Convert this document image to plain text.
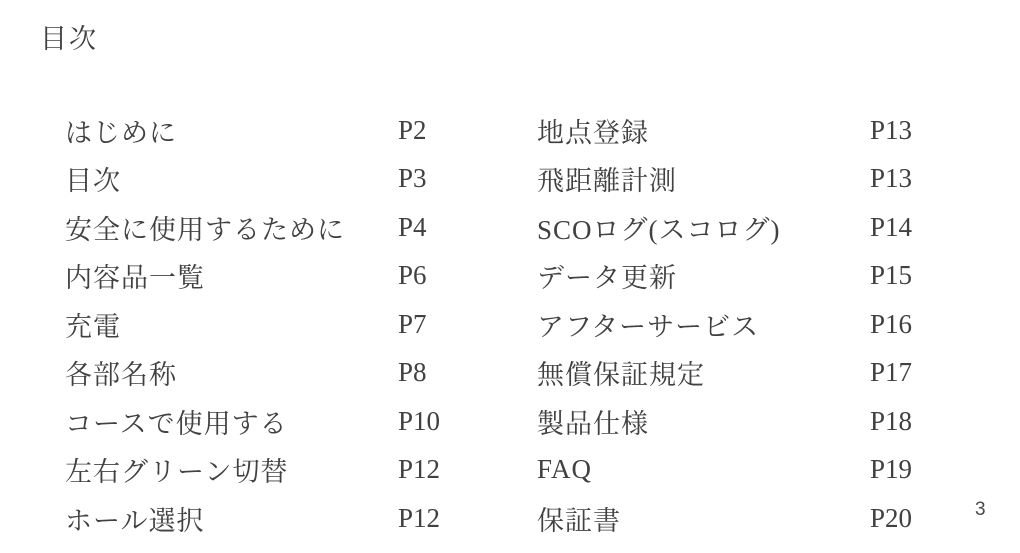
目次
はじめに	P2
目次	P3
安全に使用するために	P4
内容品一覧	P6
充電	P7
各部名称	P8
コースで使用する	P10
左右グリーン切替	P12
ホール選択	P12
地点登録	P13
飛距離計測	P13
SCOログ(スコログ)	P14
データ更新	P15
アフターサービス	P16
無償保証規定	P17
製品仕様	P18
FAQ	P19
保証書	P20	3
